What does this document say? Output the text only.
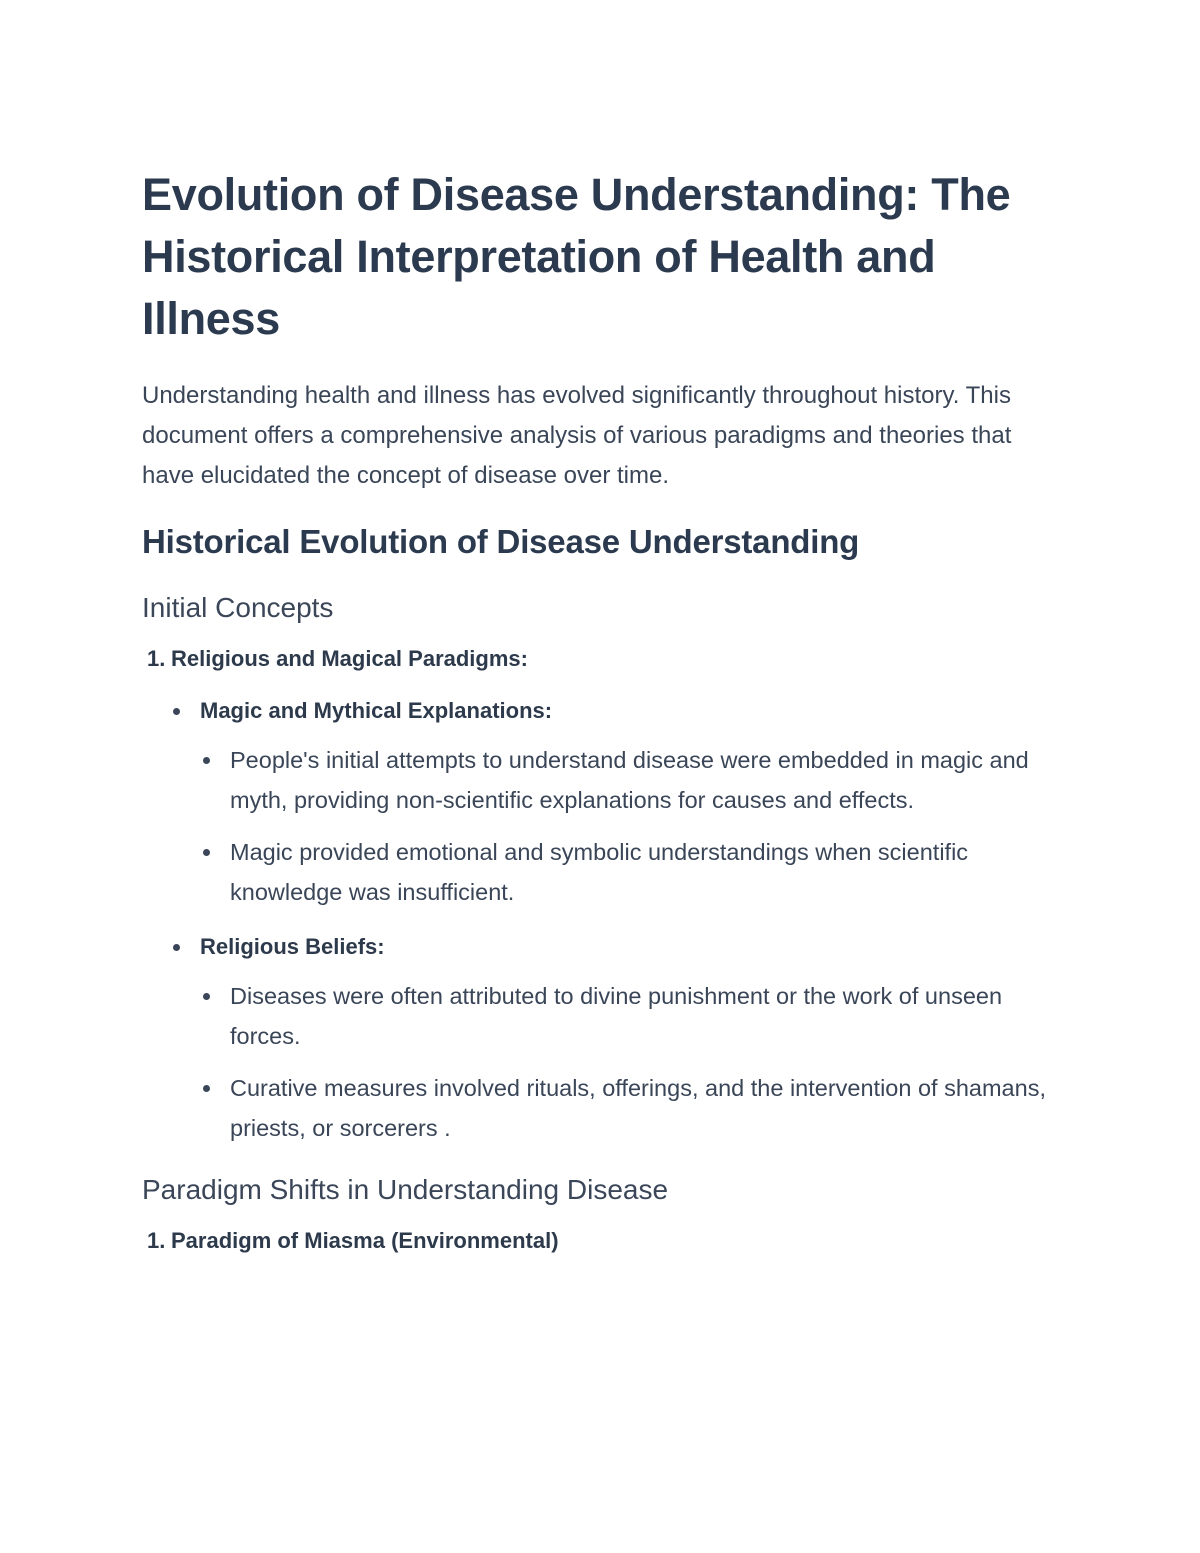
Evolution of Disease Understanding: The Historical Interpretation of Health and Illness

Understanding health and illness has evolved significantly throughout history. This document offers a comprehensive analysis of various paradigms and theories that have elucidated the concept of disease over time.

Historical Evolution of Disease Understanding
Initial Concepts
1. Religious and Magical Paradigms:
Magic and Mythical Explanations:
People's initial attempts to understand disease were embedded in magic and myth, providing non-scientific explanations for causes and effects.
Magic provided emotional and symbolic understandings when scientific knowledge was insufficient.
Religious Beliefs:
Diseases were often attributed to divine punishment or the work of unseen forces.
Curative measures involved rituals, offerings, and the intervention of shamans, priests, or sorcerers .
Paradigm Shifts in Understanding Disease
1. Paradigm of Miasma (Environmental)
